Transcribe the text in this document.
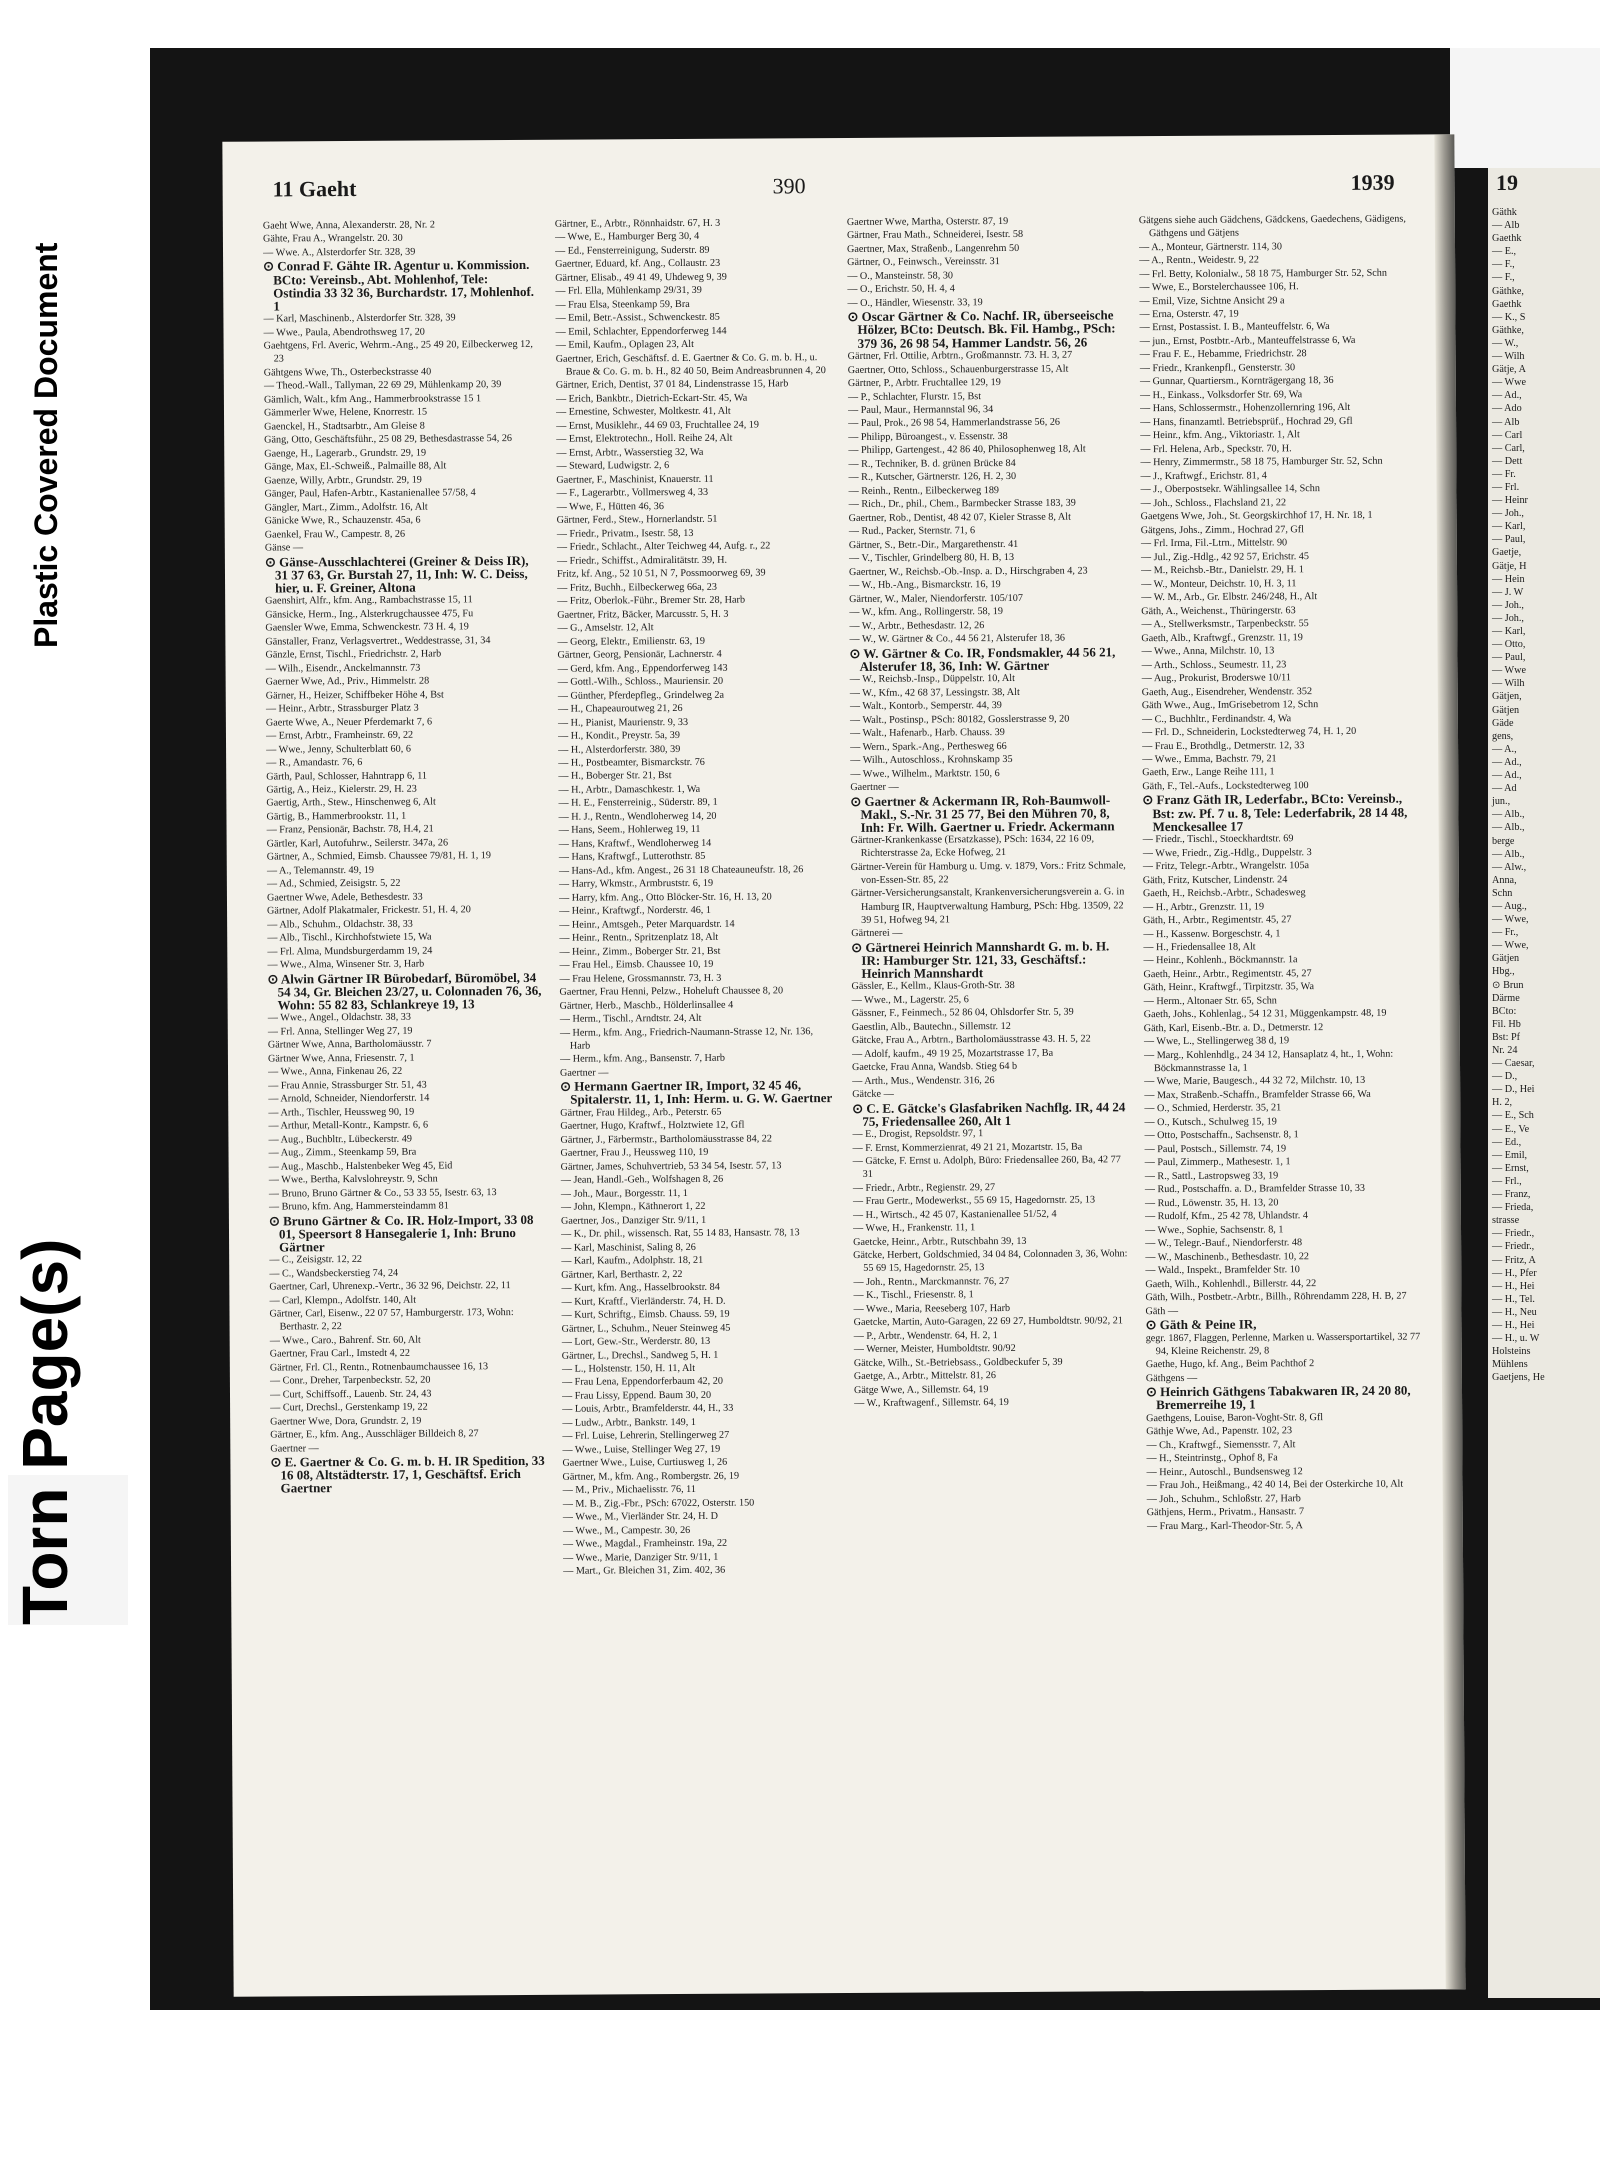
Plastic Covered Document
Torn Page(s)
11 Gaeht	390	1939
Gaeht Wwe, Anna, Alexanderstr. 28, Nr. 2
Gähte, Frau A., Wrangelstr. 20. 30
— Wwe. A., Alsterdorfer Str. 328, 39
⊙ Conrad F. Gähte IR. Agentur u. Kommission. BCto: Vereinsb., Abt. Mohlenhof, Tele: Ostindia 33 32 36, Burchardstr. 17, Mohlenhof. 1
— Karl, Maschinenb., Alsterdorfer Str. 328, 39
— Wwe., Paula, Abendrothsweg 17, 20
Gaehtgens, Frl. Averic, Wehrm.-Ang., 25 49 20, Eilbeckerweg 12, 23
Gähtgens Wwe, Th., Osterbeckstrasse 40
— Theod.-Wall., Tallyman, 22 69 29, Mühlenkamp 20, 39
Gämlich, Walt., kfm Ang., Hammerbrookstrasse 15 1
Gämmerler Wwe, Helene, Knorrestr. 15
Gaenckel, H., Stadtsarbtr., Am Gleise 8
Gäng, Otto, Geschäftsführ., 25 08 29, Bethesdastrasse 54, 26
Gaenge, H., Lagerarb., Grundstr. 29, 19
Gänge, Max, El.-Schweiß., Palmaille 88, Alt
Gaenze, Willy, Arbtr., Grundstr. 29, 19
Gänger, Paul, Hafen-Arbtr., Kastanienallee 57/58, 4
Gängler, Mart., Zimm., Adolfstr. 16, Alt
Gänicke Wwe, R., Schauzenstr. 45a, 6
Gaenkel, Frau W., Campestr. 8, 26
Gänse —
⊙ Gänse-Ausschlachterei (Greiner & Deiss IR), 31 37 63, Gr. Burstah 27, 11, Inh: W. C. Deiss, hier, u. F. Greiner, Altona
Gaenshirt, Alfr., kfm. Ang., Rambachstrasse 15, 11
Gänsicke, Herm., Ing., Alsterkrugchaussee 475, Fu
Gaensler Wwe, Emma, Schwenckestr. 73 H. 4, 19
Gänstaller, Franz, Verlagsvertret., Weddestrasse, 31, 34
Gänzle, Ernst, Tischl., Friedrichstr. 2, Harb
— Wilh., Eisendr., Anckelmannstr. 73
Gaerner Wwe, Ad., Priv., Himmelstr. 28
Gärner, H., Heizer, Schiffbeker Höhe 4, Bst
— Heinr., Arbtr., Strassburger Platz 3
Gaerte Wwe, A., Neuer Pferdemarkt 7, 6
— Ernst, Arbtr., Framheinstr. 69, 22
— Wwe., Jenny, Schulterblatt 60, 6
— R., Amandastr. 76, 6
Gärth, Paul, Schlosser, Hahntrapp 6, 11
Gärtig, A., Heiz., Kielerstr. 29, H. 23
Gaertig, Arth., Stew., Hinschenweg 6, Alt
Gärtig, B., Hammerbrookstr. 11, 1
— Franz, Pensionär, Bachstr. 78, H.4, 21
Gärtler, Karl, Autofuhrw., Seilerstr. 347a, 26
Gärtner, A., Schmied, Eimsb. Chaussee 79/81, H. 1, 19
— A., Telemannstr. 49, 19
— Ad., Schmied, Zeisigstr. 5, 22
Gaertner Wwe, Adele, Bethesdestr. 33
Gärtner, Adolf Plakatmaler, Frickestr. 51, H. 4, 20
— Alb., Schuhm., Oldachstr. 38, 33
— Alb., Tischl., Kirchhofstwiete 15, Wa
— Frl. Alma, Mundsburgerdamm 19, 24
— Wwe., Alma, Winsener Str. 3, Harb
⊙ Alwin Gärtner IR Bürobedarf, Büromöbel, 34 54 34, Gr. Bleichen 23/27, u. Colonnaden 76, 36, Wohn: 55 82 83, Schlankreye 19, 13
— Wwe., Angel., Oldachstr. 38, 33
— Frl. Anna, Stellinger Weg 27, 19
Gärtner Wwe, Anna, Bartholomäusstr. 7
Gärtner Wwe, Anna, Friesenstr. 7, 1
— Wwe., Anna, Finkenau 26, 22
— Frau Annie, Strassburger Str. 51, 43
— Arnold, Schneider, Niendorferstr. 14
— Arth., Tischler, Heussweg 90, 19
— Arthur, Metall-Kontr., Kampstr. 6, 6
— Aug., Buchbltr., Lübeckerstr. 49
— Aug., Zimm., Steenkamp 59, Bra
— Aug., Maschb., Halstenbeker Weg 45, Eid
— Wwe., Bertha, Kalvslohreystr. 9, Schn
— Bruno, Bruno Gärtner & Co., 53 33 55, Isestr. 63, 13
— Bruno, kfm. Ang, Hammersteindamm 81
⊙ Bruno Gärtner & Co. IR. Holz-Import, 33 08 01, Speersort 8 Hansegalerie 1, Inh: Bruno Gärtner
— C., Zeisigstr. 12, 22
— C., Wandsbeckerstieg 74, 24
Gaertner, Carl, Uhrenexp.-Vertr., 36 32 96, Deichstr. 22, 11
— Carl, Klempn., Adolfstr. 140, Alt
Gärtner, Carl, Eisenw., 22 07 57, Hamburgerstr. 173, Wohn: Berthastr. 2, 22
— Wwe., Caro., Bahrenf. Str. 60, Alt
Gaertner, Frau Carl., Imstedt 4, 22
Gärtner, Frl. Cl., Rentn., Rotnenbaumchaussee 16, 13
— Conr., Dreher, Tarpenbeckstr. 52, 20
— Curt, Schiffsoff., Lauenb. Str. 24, 43
— Curt, Drechsl., Gerstenkamp 19, 22
Gaertner Wwe, Dora, Grundstr. 2, 19
Gärtner, E., kfm. Ang., Ausschläger Billdeich 8, 27
Gaertner —
⊙ E. Gaertner & Co. G. m. b. H. IR Spedition, 33 16 08, Altstädterstr. 17, 1, Geschäftsf. Erich Gaertner
Gärtner, E., Arbtr., Rönnhaidstr. 67, H. 3
— Wwe, E., Hamburger Berg 30, 4
— Ed., Fensterreinigung, Suderstr. 89
Gaertner, Eduard, kf. Ang., Collaustr. 23
Gärtner, Elisab., 49 41 49, Uhdeweg 9, 39
— Frl. Ella, Mühlenkamp 29/31, 39
— Frau Elsa, Steenkamp 59, Bra
— Emil, Betr.-Assist., Schwenckestr. 85
— Emil, Schlachter, Eppendorferweg 144
— Emil, Kaufm., Oplagen 23, Alt
Gaertner, Erich, Geschäftsf. d. E. Gaertner & Co. G. m. b. H., u. Braue & Co. G. m. b. H., 82 40 50, Beim Andreasbrunnen 4, 20
Gärtner, Erich, Dentist, 37 01 84, Lindenstrasse 15, Harb
— Erich, Bankbtr., Dietrich-Eckart-Str. 45, Wa
— Ernestine, Schwester, Moltkestr. 41, Alt
— Ernst, Musiklehr., 44 69 03, Fruchtallee 24, 19
— Ernst, Elektrotechn., Holl. Reihe 24, Alt
— Ernst, Arbtr., Wasserstieg 32, Wa
— Steward, Ludwigstr. 2, 6
Gaertner, F., Maschinist, Knauerstr. 11
— F., Lagerarbtr., Vollmersweg 4, 33
— Wwe, F., Hütten 46, 36
Gärtner, Ferd., Stew., Hornerlandstr. 51
— Friedr., Privatm., Isestr. 58, 13
— Friedr., Schlacht., Alter Teichweg 44, Aufg. r., 22
— Friedr., Schiffst., Admiralitätstr. 39, H.
Fritz, kf. Ang., 52 10 51, N 7, Possmoorweg 69, 39
— Fritz, Buchh., Eilbeckerweg 66a, 23
— Fritz, Oberlok.-Führ., Bremer Str. 28, Harb
Gaertner, Fritz, Bäcker, Marcusstr. 5, H. 3
— G., Amselstr. 12, Alt
— Georg, Elektr., Emilienstr. 63, 19
Gärtner, Georg, Pensionär, Lachnerstr. 4
— Gerd, kfm. Ang., Eppendorferweg 143
— Gottl.-Wilh., Schloss., Mauriensir. 20
— Günther, Pferdepfleg., Grindelweg 2a
— H., Chapeauroutweg 21, 26
— H., Pianist, Maurienstr. 9, 33
— H., Kondit., Preystr. 5a, 39
— H., Alsterdorferstr. 380, 39
— H., Postbeamter, Bismarckstr. 76
— H., Boberger Str. 21, Bst
— H., Arbtr., Damaschkestr. 1, Wa
— H. E., Fensterreinig., Süderstr. 89, 1
— H. J., Rentn., Wendloherweg 14, 20
— Hans, Seem., Hohlerweg 19, 11
— Hans, Kraftwf., Wendloherweg 14
— Hans, Kraftwgf., Lutterothstr. 85
— Hans-Ad., kfm. Angest., 26 31 18 Chateauneufstr. 18, 26
— Harry, Wkmstr., Armbruststr. 6, 19
— Harry, kfm. Ang., Otto Blöcker-Str. 16, H. 13, 20
— Heinr., Kraftwgf., Norderstr. 46, 1
— Heinr., Amtsgeh., Peter Marquardstr. 14
— Heinr., Rentn., Spritzenplatz 18, Alt
— Heinr., Zimm., Boberger Str. 21, Bst
— Frau Hel., Eimsb. Chaussee 10, 19
— Frau Helene, Grossmannstr. 73, H. 3
Gaertner, Frau Henni, Pelzw., Hoheluft Chaussee 8, 20
Gärtner, Herb., Maschb., Hölderlinsallee 4
— Herm., Tischl., Arndtstr. 24, Alt
— Herm., kfm. Ang., Friedrich-Naumann-Strasse 12, Nr. 136, Harb
— Herm., kfm. Ang., Bansenstr. 7, Harb
Gaertner —
⊙ Hermann Gaertner IR, Import, 32 45 46, Spitalerstr. 11, 1, Inh: Herm. u. G. W. Gaertner
Gärtner, Frau Hildeg., Arb., Peterstr. 65
Gaertner, Hugo, Kraftwf., Holztwiete 12, Gfl
Gärtner, J., Färbermstr., Bartholomäusstrasse 84, 22
Gaertner, Frau J., Heussweg 110, 19
Gärtner, James, Schuhvertrieb, 53 34 54, Isestr. 57, 13
— Jean, Handl.-Geh., Wolfshagen 8, 26
— Joh., Maur., Borgesstr. 11, 1
— John, Klempn., Käthnerort 1, 22
Gaertner, Jos., Danziger Str. 9/11, 1
— K., Dr. phil., wissensch. Rat, 55 14 83, Hansastr. 78, 13
— Karl, Maschinist, Saling 8, 26
— Karl, Kaufm., Adolphstr. 18, 21
Gärtner, Karl, Berthastr. 2, 22
— Kurt, kfm. Ang., Hasselbrookstr. 84
— Kurt, Kraftf., Vierländerstr. 74, H. D.
— Kurt, Schriftg., Eimsb. Chauss. 59, 19
Gärtner, L., Schuhm., Neuer Steinweg 45
— Lort, Gew.-Str., Werderstr. 80, 13
Gärtner, L., Drechsl., Sandweg 5, H. 1
— L., Holstenstr. 150, H. 11, Alt
— Frau Lena, Eppendorferbaum 42, 20
— Frau Lissy, Eppend. Baum 30, 20
— Louis, Arbtr., Bramfelderstr. 44, H., 33
— Ludw., Arbtr., Bankstr. 149, 1
— Frl. Luise, Lehrerin, Stellingerweg 27
— Wwe., Luise, Stellinger Weg 27, 19
Gaertner Wwe., Luise, Curtiusweg 1, 26
Gärtner, M., kfm. Ang., Rombergstr. 26, 19
— M., Priv., Michaelisstr. 76, 11
— M. B., Zig.-Fbr., PSch: 67022, Osterstr. 150
— Wwe., M., Vierländer Str. 24, H. D
— Wwe., M., Campestr. 30, 26
— Wwe., Magdal., Framheinstr. 19a, 22
— Wwe., Marie, Danziger Str. 9/11, 1
— Mart., Gr. Bleichen 31, Zim. 402, 36
Gaertner Wwe, Martha, Osterstr. 87, 19
Gärtner, Frau Math., Schneiderei, Isestr. 58
Gaertner, Max, Straßenb., Langenrehm 50
Gärtner, O., Feinwsch., Vereinsstr. 31
— O., Mansteinstr. 58, 30
— O., Erichstr. 50, H. 4, 4
— O., Händler, Wiesenstr. 33, 19
⊙ Oscar Gärtner & Co. Nachf. IR, überseeische Hölzer, BCto: Deutsch. Bk. Fil. Hambg., PSch: 379 36, 26 98 54, Hammer Landstr. 56, 26
Gärtner, Frl. Ottilie, Arbtrn., Großmannstr. 73. H. 3, 27
Gaertner, Otto, Schloss., Schauenburgerstrasse 15, Alt
Gärtner, P., Arbtr. Fruchtallee 129, 19
— P., Schlachter, Flurstr. 15, Bst
— Paul, Maur., Hermannstal 96, 34
— Paul, Prok., 26 98 54, Hammerlandstrasse 56, 26
— Philipp, Büroangest., v. Essenstr. 38
— Philipp, Gartengest., 42 86 40, Philosophenweg 18, Alt
— R., Techniker, B. d. grünen Brücke 84
— R., Kutscher, Gärtnerstr. 126, H. 2, 30
— Reinh., Rentn., Eilbeckerweg 189
— Rich., Dr., phil., Chem., Barmbecker Strasse 183, 39
Gaertner, Rob., Dentist, 48 42 07, Kieler Strasse 8, Alt
— Rud., Packer, Sternstr. 71, 6
Gärtner, S., Betr.-Dir., Margarethenstr. 41
— V., Tischler, Grindelberg 80, H. B, 13
Gaertner, W., Reichsb.-Ob.-Insp. a. D., Hirschgraben 4, 23
— W., Hb.-Ang., Bismarckstr. 16, 19
Gärtner, W., Maler, Niendorferstr. 105/107
— W., kfm. Ang., Rollingerstr. 58, 19
— W., Arbtr., Bethesdastr. 12, 26
— W., W. Gärtner & Co., 44 56 21, Alsterufer 18, 36
⊙ W. Gärtner & Co. IR, Fondsmakler, 44 56 21, Alsterufer 18, 36, Inh: W. Gärtner
— W., Reichsb.-Insp., Düppelstr. 10, Alt
— W., Kfm., 42 68 37, Lessingstr. 38, Alt
— Walt., Kontorb., Semperstr. 44, 39
— Walt., Postinsp., PSch: 80182, Gosslerstrasse 9, 20
— Walt., Hafenarb., Harb. Chauss. 39
— Wern., Spark.-Ang., Perthesweg 66
— Wilh., Autoschloss., Krohnskamp 35
— Wwe., Wilhelm., Marktstr. 150, 6
Gaertner —
⊙ Gaertner & Ackermann IR, Roh-Baumwoll-Makl., S.-Nr. 31 25 77, Bei den Mühren 70, 8, Inh: Fr. Wilh. Gaertner u. Friedr. Ackermann
Gärtner-Krankenkasse (Ersatzkasse), PSch: 1634, 22 16 09, Richterstrasse 2a, Ecke Hofweg, 21
Gärtner-Verein für Hamburg u. Umg. v. 1879, Vors.: Fritz Schmale, von-Essen-Str. 85, 22
Gärtner-Versicherungsanstalt, Krankenversicherungsverein a. G. in Hamburg IR, Hauptverwaltung Hamburg, PSch: Hbg. 13509, 22 39 51, Hofweg 94, 21
Gärtnerei —
⊙ Gärtnerei Heinrich Mannshardt G. m. b. H. IR: Hamburger Str. 121, 33, Geschäftsf.: Heinrich Mannshardt
Gässler, E., Kellm., Klaus-Groth-Str. 38
— Wwe., M., Lagerstr. 25, 6
Gässner, F., Feinmech., 52 86 04, Ohlsdorfer Str. 5, 39
Gaestlin, Alb., Bautechn., Sillemstr. 12
Gätcke, Frau A., Arbtrn., Bartholomäusstrasse 43. H. 5, 22
— Adolf, kaufm., 49 19 25, Mozartstrasse 17, Ba
Gaetcke, Frau Anna, Wandsb. Stieg 64 b
— Arth., Mus., Wendenstr. 316, 26
Gätcke —
⊙ C. E. Gätcke's Glasfabriken Nachflg. IR, 44 24 75, Friedensallee 260, Alt 1
— E., Drogist, Repsoldstr. 97, 1
— F. Ernst, Kommerzienrat, 49 21 21, Mozartstr. 15, Ba
— Gätcke, F. Ernst u. Adolph, Büro: Friedensallee 260, Ba, 42 77 31
— Friedr., Arbtr., Regienstr. 29, 27
— Frau Gertr., Modewerkst., 55 69 15, Hagedornstr. 25, 13
— H., Wirtsch., 42 45 07, Kastanienallee 51/52, 4
— Wwe, H., Frankenstr. 11, 1
Gaetcke, Heinr., Arbtr., Rutschbahn 39, 13
Gätcke, Herbert, Goldschmied, 34 04 84, Colonnaden 3, 36, Wohn: 55 69 15, Hagedornstr. 25, 13
— Joh., Rentn., Marckmannstr. 76, 27
— K., Tischl., Friesenstr. 8, 1
— Wwe., Maria, Reeseberg 107, Harb
Gaetcke, Martin, Auto-Garagen, 22 69 27, Humboldtstr. 90/92, 21
— P., Arbtr., Wendenstr. 64, H. 2, 1
— Werner, Meister, Humboldtstr. 90/92
Gätcke, Wilh., St.-Betriebsass., Goldbeckufer 5, 39
Gaetge, A., Arbtr., Mittelstr. 81, 26
Gätge Wwe, A., Sillemstr. 64, 19
— W., Kraftwagenf., Sillemstr. 64, 19
Gätgens siehe auch Gädchens, Gädckens, Gaedechens, Gädigens, Gäthgens und Gätjens
— A., Monteur, Gärtnerstr. 114, 30
— A., Rentn., Weidestr. 9, 22
— Frl. Betty, Kolonialw., 58 18 75, Hamburger Str. 52, Schn
— Wwe, E., Borstelerchaussee 106, H.
— Emil, Vize, Sichtne Ansicht 29 a
— Erna, Osterstr. 47, 19
— Ernst, Postassist. I. B., Manteuffelstr. 6, Wa
— jun., Ernst, Postbtr.-Arb., Manteuffelstrasse 6, Wa
— Frau F. E., Hebamme, Friedrichstr. 28
— Friedr., Krankenpfl., Gensterstr. 30
— Gunnar, Quartiersm., Kornträgergang 18, 36
— H., Einkass., Volksdorfer Str. 69, Wa
— Hans, Schlossermstr., Hohenzollernring 196, Alt
— Hans, finanzamtl. Betriebsprüf., Hochrad 29, Gfl
— Heinr., kfm. Ang., Viktoriastr. 1, Alt
— Frl. Helena, Arb., Speckstr. 70, H.
— Henry, Zimmermstr., 58 18 75, Hamburger Str. 52, Schn
— J., Kraftwgf., Erichstr. 81, 4
— J., Oberpostsekr. Wählingsallee 14, Schn
— Joh., Schloss., Flachsland 21, 22
Gaetgens Wwe, Joh., St. Georgskirchhof 17, H. Nr. 18, 1
Gätgens, Johs., Zimm., Hochrad 27, Gfl
— Frl. Irma, Fil.-Ltrn., Mittelstr. 90
— Jul., Zig.-Hdlg., 42 92 57, Erichstr. 45
— M., Reichsb.-Btr., Danielstr. 29, H. 1
— W., Monteur, Deichstr. 10, H. 3, 11
— W. M., Arb., Gr. Elbstr. 246/248, H., Alt
Gäth, A., Weichenst., Thüringerstr. 63
— A., Stellwerksmstr., Tarpenbeckstr. 55
Gaeth, Alb., Kraftwgf., Grenzstr. 11, 19
— Wwe., Anna, Milchstr. 10, 13
— Arth., Schloss., Seumestr. 11, 23
— Aug., Prokurist, Broderswe 10/11
Gaeth, Aug., Eisendreher, Wendenstr. 352
Gäth Wwe., Aug., ImGrisebetrom 12, Schn
— C., Buchhltr., Ferdinandstr. 4, Wa
— Frl. D., Schneiderin, Lockstedterweg 74, H. 1, 20
— Frau E., Brothdlg., Detmerstr. 12, 33
— Wwe., Emma, Bachstr. 79, 21
Gaeth, Erw., Lange Reihe 111, 1
Gäth, F., Tel.-Aufs., Lockstedterweg 100
⊙ Franz Gäth IR, Lederfabr., BCto: Vereinsb., Bst: zw. Pf. 7 u. 8, Tele: Lederfabrik, 28 14 48, Menckesallee 17
— Friedr., Tischl., Stoeckhardtstr. 69
— Wwe, Friedr., Zig.-Hdlg., Duppelstr. 3
— Fritz, Telegr.-Arbtr., Wrangelstr. 105a
Gäth, Fritz, Kutscher, Lindenstr. 24
Gaeth, H., Reichsb.-Arbtr., Schadesweg
— H., Arbtr., Grenzstr. 11, 19
Gäth, H., Arbtr., Regimentstr. 45, 27
— H., Kassenw. Borgeschstr. 4, 1
— H., Friedensallee 18, Alt
— Heinr., Kohlenh., Böckmannstr. 1a
Gaeth, Heinr., Arbtr., Regimentstr. 45, 27
Gäth, Heinr., Kraftwgf., Tirpitzstr. 35, Wa
— Herm., Altonaer Str. 65, Schn
Gaeth, Johs., Kohlenlag., 54 12 31, Müggenkampstr. 48, 19
Gäth, Karl, Eisenb.-Btr. a. D., Detmerstr. 12
— Wwe, L., Stellingerweg 38 d, 19
— Marg., Kohlenhdlg., 24 34 12, Hansaplatz 4, ht., 1, Wohn: Böckmannstrasse 1a, 1
— Wwe, Marie, Baugesch., 44 32 72, Milchstr. 10, 13
— Max, Straßenb.-Schaffn., Bramfelder Strasse 66, Wa
— O., Schmied, Herderstr. 35, 21
— O., Kutsch., Schulweg 15, 19
— Otto, Postschaffn., Sachsenstr. 8, 1
— Paul, Postsch., Sillemstr. 74, 19
— Paul, Zimmerp., Mathesestr. 1, 1
— R., Sattl., Lastropsweg 33, 19
— Rud., Postschaffn. a. D., Bramfelder Strasse 10, 33
— Rud., Löwenstr. 35, H. 13, 20
— Rudolf, Kfm., 25 42 78, Uhlandstr. 4
— Wwe., Sophie, Sachsenstr. 8, 1
— W., Telegr.-Bauf., Niendorferstr. 48
— W., Maschinenb., Bethesdastr. 10, 22
— Wald., Inspekt., Bramfelder Str. 10
Gaeth, Wilh., Kohlenhdl., Billerstr. 44, 22
Gäth, Wilh., Postbetr.-Arbtr., Billh., Röhrendamm 228, H. B, 27
Gäth —
⊙ Gäth & Peine IR,
gegr. 1867, Flaggen, Perlenne, Marken u. Wassersportartikel, 32 77 94, Kleine Reichenstr. 29, 8
Gaethe, Hugo, kf. Ang., Beim Pachthof 2
Gäthgens —
⊙ Heinrich Gäthgens Tabakwaren IR, 24 20 80, Bremerreihe 19, 1
Gaethgens, Louise, Baron-Voght-Str. 8, Gfl
Gäthje Wwe, Ad., Papenstr. 102, 23
— Ch., Kraftwgf., Siemensstr. 7, Alt
— H., Steintrinstg., Ophof 8, Fa
— Heinr., Autoschl., Bundsensweg 12
— Frau Joh., Heißmang., 42 40 14, Bei der Osterkirche 10, Alt
— Joh., Schuhm., Schloßstr. 27, Harb
Gäthjens, Herm., Privatm., Hansastr. 7
— Frau Marg., Karl-Theodor-Str. 5, A
19
Gäthk
— Alb
Gaethk
— E.,
— F.,
— F.,
Gäthke,
Gaethk
— K., S
Gäthke,
— W.,
— Wilh
Gätje, A
— Wwe
— Ad.,
— Ado
— Alb
— Carl
— Carl,
— Dett
— Fr.
— Frl.
— Heinr
— Joh.,
— Karl,
— Paul,
Gaetje,
Gätje, H
— Hein
— J. W
— Joh.,
— Joh.,
— Karl,
— Otto,
— Paul,
— Wwe
— Wilh
Gätjen,
Gätjen
Gäde
gens,
— A.,
— Ad.,
— Ad.,
— Ad
jun.,
— Alb.,
— Alb.,
berge
— Alb.,
— Alw.,
Anna,
Schn
— Aug.,
— Wwe,
— Fr.,
— Wwe,
Gätjen
Hbg.,
⊙ Brun
Därme
BCto:
Fil. Hb
Bst: Pf
Nr. 24
— Caesar,
— D.,
— D., Hei
H. 2,
— E., Sch
— E., Ve
— Ed.,
— Emil,
— Ernst,
— Frl.,
— Franz,
— Frieda,
strasse
— Friedr.,
— Friedr.,
— Fritz, A
— H., Pfer
— H., Hei
— H., Tel.
— H., Neu
— H., Hei
— H., u. W
Holsteins
Mühlens
Gaetjens, He
